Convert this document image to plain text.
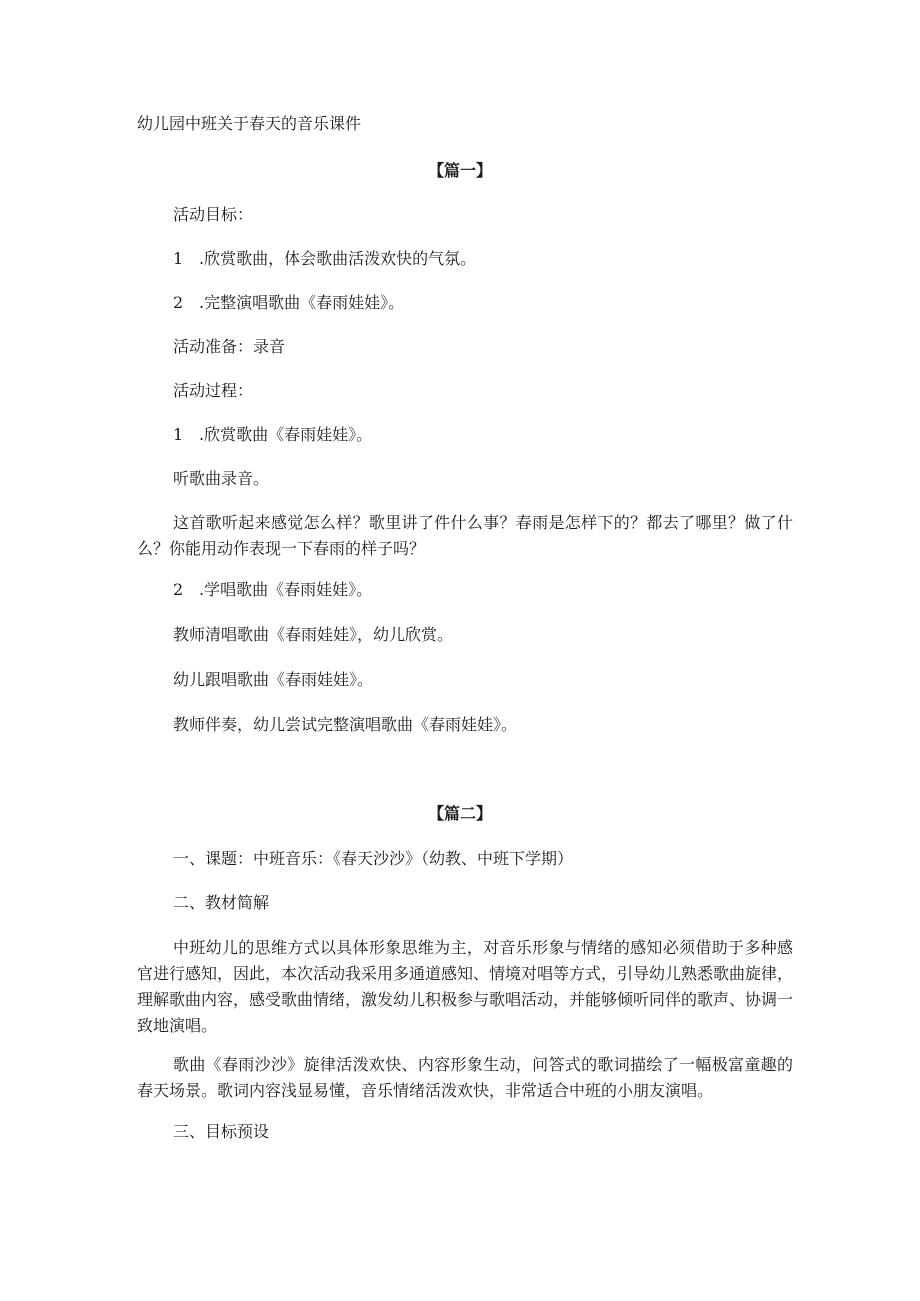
幼儿园中班关于春天的音乐课件
【篇一】
活动目标：
1 .欣赏歌曲，体会歌曲活泼欢快的气氛。
2 .完整演唱歌曲《春雨娃娃》。
活动准备：录音
活动过程：
1 .欣赏歌曲《春雨娃娃》。
听歌曲录音。
这首歌听起来感觉怎么样？歌里讲了件什么事？春雨是怎样下的？都去了哪里？做了什么？你能用动作表现一下春雨的样子吗？
2 .学唱歌曲《春雨娃娃》。
教师清唱歌曲《春雨娃娃》，幼儿欣赏。
幼儿跟唱歌曲《春雨娃娃》。
教师伴奏，幼儿尝试完整演唱歌曲《春雨娃娃》。
【篇二】
一、课题：中班音乐：《春天沙沙》（幼教、中班下学期）
二、教材简解
中班幼儿的思维方式以具体形象思维为主，对音乐形象与情绪的感知必须借助于多种感官进行感知，因此，本次活动我采用多通道感知、情境对唱等方式，引导幼儿熟悉歌曲旋律，理解歌曲内容，感受歌曲情绪，激发幼儿积极参与歌唱活动，并能够倾听同伴的歌声、协调一致地演唱。
歌曲《春雨沙沙》旋律活泼欢快、内容形象生动，问答式的歌词描绘了一幅极富童趣的春天场景。歌词内容浅显易懂，音乐情绪活泼欢快，非常适合中班的小朋友演唱。
三、目标预设
